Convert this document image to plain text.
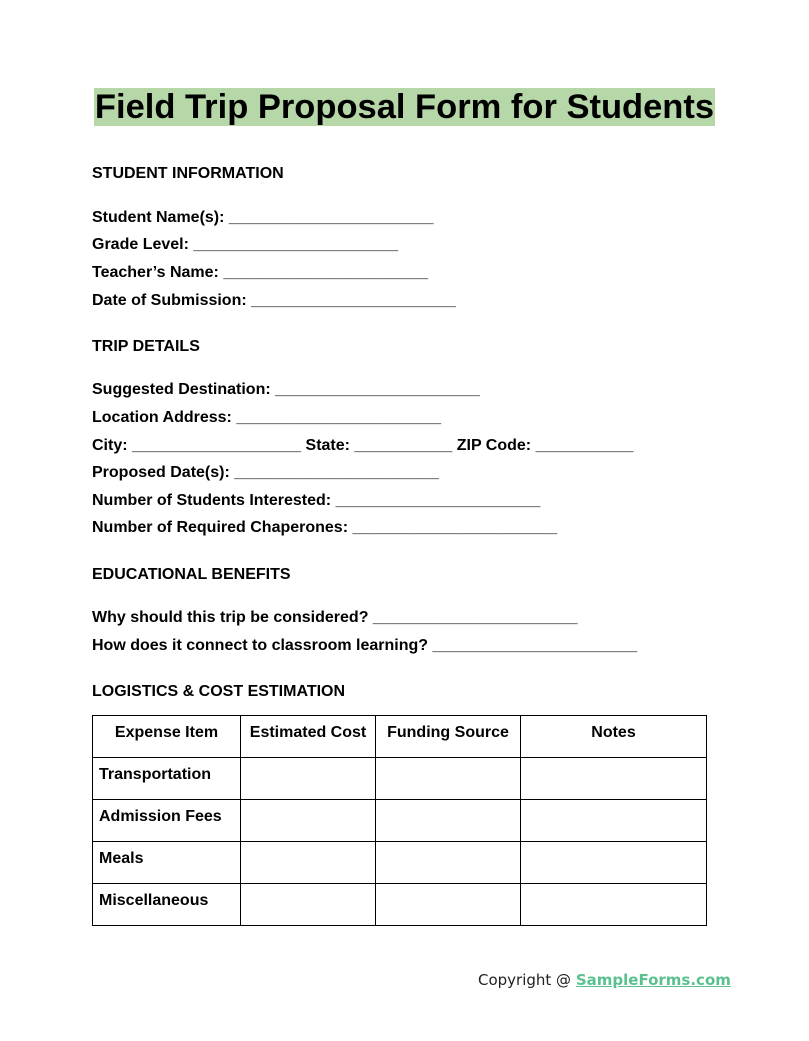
Field Trip Proposal Form for Students
STUDENT INFORMATION
Student Name(s): _______________________
Grade Level: _______________________
Teacher’s Name: _______________________
Date of Submission: _______________________
TRIP DETAILS
Suggested Destination: _______________________
Location Address: _______________________
City: ___________________ State: ___________ ZIP Code: ___________
Proposed Date(s): _______________________
Number of Students Interested: _______________________
Number of Required Chaperones: _______________________
EDUCATIONAL BENEFITS
Why should this trip be considered? _______________________
How does it connect to classroom learning? _______________________
LOGISTICS & COST ESTIMATION
Expense Item	Estimated Cost	Funding Source	Notes
Transportation			
Admission Fees			
Meals			
Miscellaneous			
Copyright @ SampleForms.com
